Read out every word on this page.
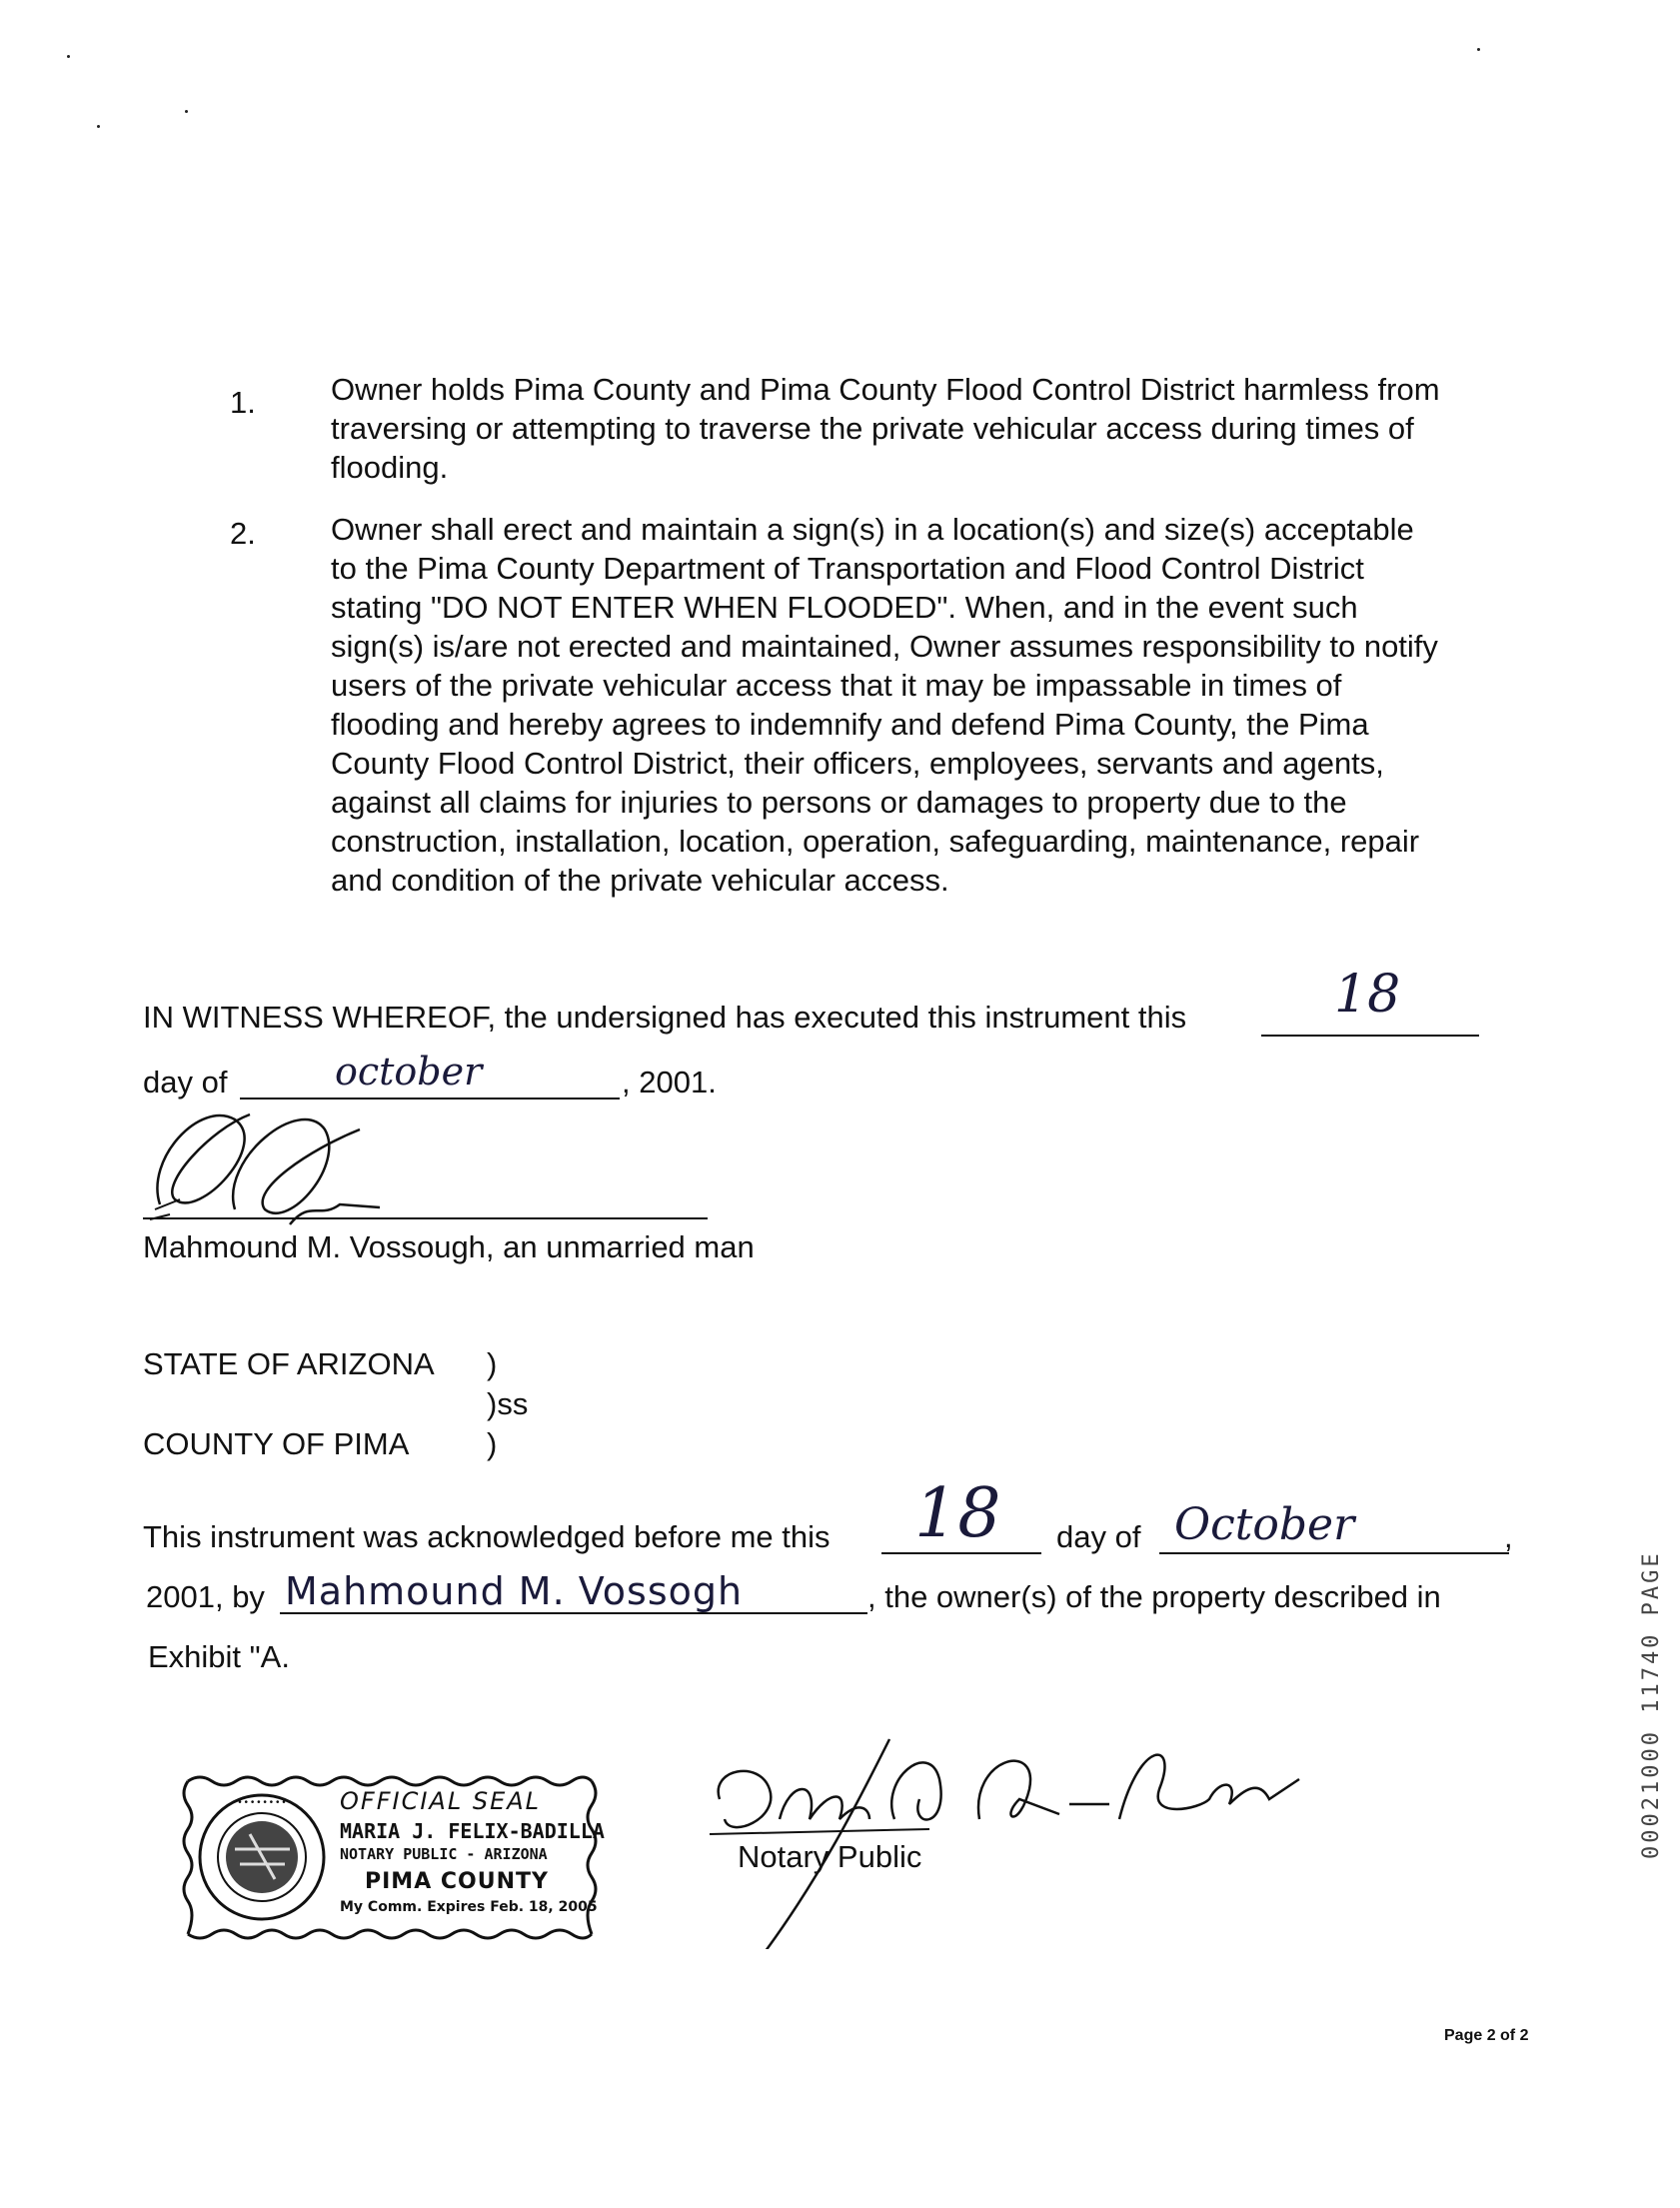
1. Owner holds Pima County and Pima County Flood Control District harmless from traversing or attempting to traverse the private vehicular access during times of flooding.
2. Owner shall erect and maintain a sign(s) in a location(s) and size(s) acceptable to the Pima County Department of Transportation and Flood Control District stating "DO NOT ENTER WHEN FLOODED". When, and in the event such sign(s) is/are not erected and maintained, Owner assumes responsibility to notify users of the private vehicular access that it may be impassable in times of flooding and hereby agrees to indemnify and defend Pima County, the Pima County Flood Control District, their officers, employees, servants and agents, against all claims for injuries to persons or damages to property due to the construction, installation, location, operation, safeguarding, maintenance, repair and condition of the private vehicular access.
IN WITNESS WHEREOF, the undersigned has executed this instrument this	18
day of	october	, 2001.
Mahmound M. Vossough, an unmarried man
STATE OF ARIZONA )
)ss
COUNTY OF PIMA	)
This instrument was acknowledged before me this 18 day of October	,
2001, by Mahmound M. Vossogh	, the owner(s) of the property described in
Exhibit "A.
• • • • • • • • OFFICIAL SEAL
MARIA J. FELIX-BADILLA
NOTARY PUBLIC - ARIZONA
PIMA COUNTY
My Comm. Expires Feb. 18, 2005
Notary Public	00021000 11740 PAGE
Page 2 of 2
